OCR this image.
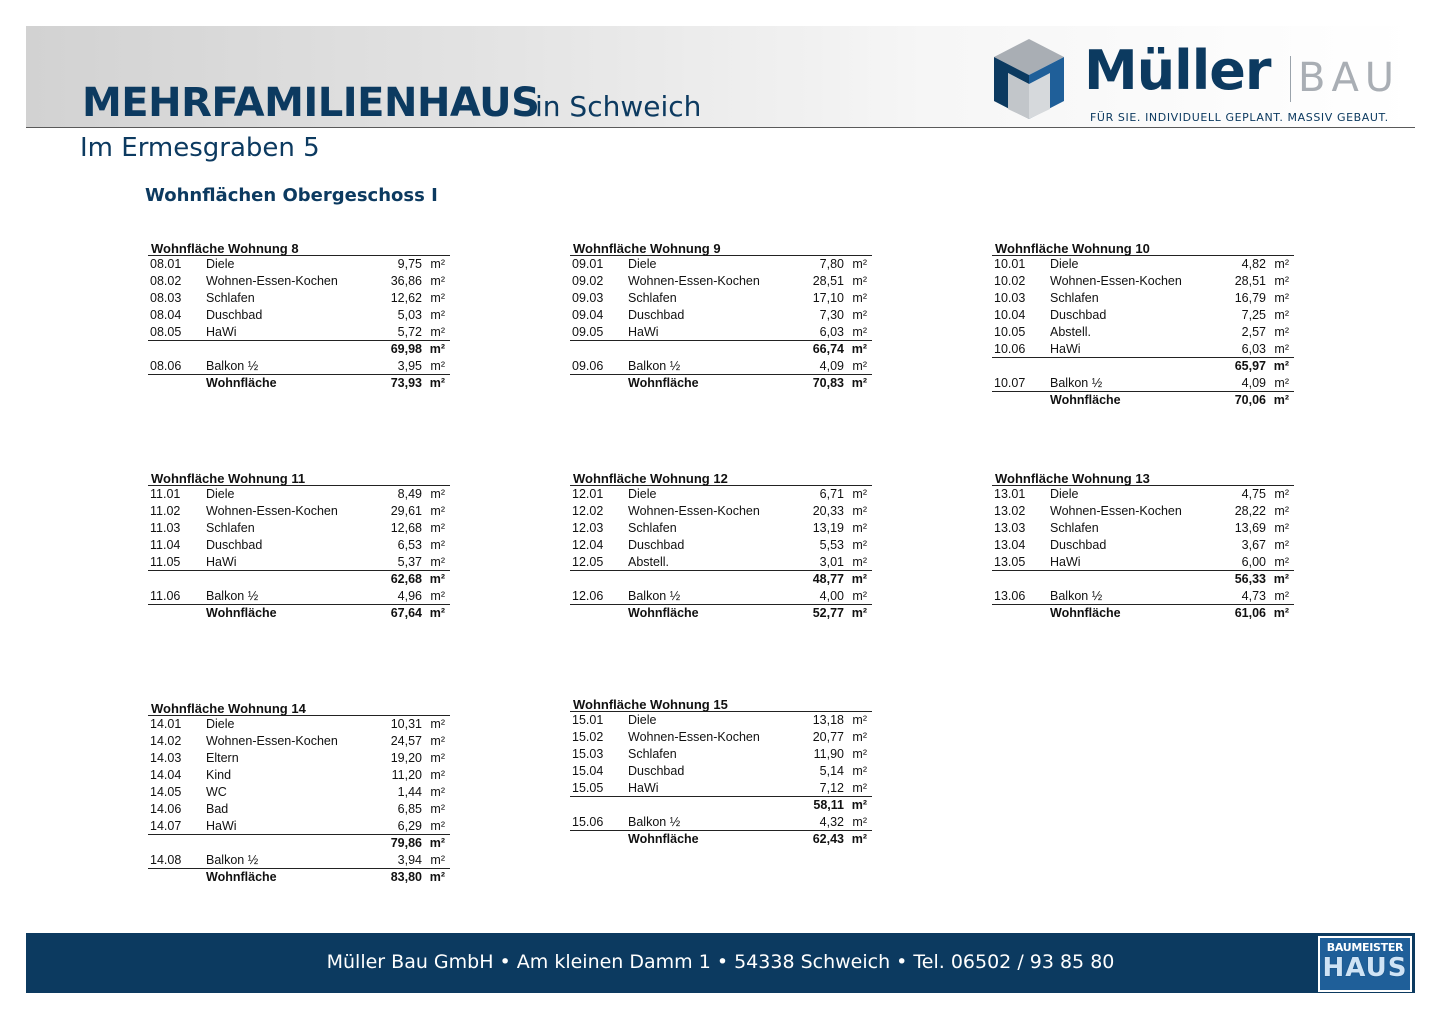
MEHRFAMILIENHAUS
in Schweich
Im Ermesgraben 5
Wohnflächen Obergeschoss I
Müller BAU
FÜR SIE. INDIVIDUELL GEPLANT. MASSIV GEBAUT.
Wohnfläche Wohnung 8
08.01 Diele	9,75 m²
08.02 Wohnen-Essen-Kochen	36,86 m²
08.03 Schlafen	12,62 m²
08.04 Duschbad	5,03 m²
08.05 HaWi	5,72 m²
69,98 m²
08.06 Balkon ½	3,95 m²
Wohnfläche	73,93 m²
Wohnfläche Wohnung 9
09.01 Diele	7,80 m²
09.02 Wohnen-Essen-Kochen	28,51 m²
09.03 Schlafen	17,10 m²
09.04 Duschbad	7,30 m²
09.05 HaWi	6,03 m²
66,74 m²
09.06 Balkon ½	4,09 m²
Wohnfläche	70,83 m²
Wohnfläche Wohnung 10
10.01 Diele	4,82 m²
10.02 Wohnen-Essen-Kochen	28,51 m²
10.03 Schlafen	16,79 m²
10.04 Duschbad	7,25 m²
10.05 Abstell.	2,57 m²
10.06 HaWi	6,03 m²
65,97 m²
10.07 Balkon ½	4,09 m²
Wohnfläche	70,06 m²
Wohnfläche Wohnung 11
11.01 Diele	8,49 m²
11.02 Wohnen-Essen-Kochen	29,61 m²
11.03 Schlafen	12,68 m²
11.04 Duschbad	6,53 m²
11.05 HaWi	5,37 m²
62,68 m²
11.06 Balkon ½	4,96 m²
Wohnfläche	67,64 m²
Wohnfläche Wohnung 12
12.01 Diele	6,71 m²
12.02 Wohnen-Essen-Kochen	20,33 m²
12.03 Schlafen	13,19 m²
12.04 Duschbad	5,53 m²
12.05 Abstell.	3,01 m²
48,77 m²
12.06 Balkon ½	4,00 m²
Wohnfläche	52,77 m²
Wohnfläche Wohnung 13
13.01 Diele	4,75 m²
13.02 Wohnen-Essen-Kochen	28,22 m²
13.03 Schlafen	13,69 m²
13.04 Duschbad	3,67 m²
13.05 HaWi	6,00 m²
56,33 m²
13.06 Balkon ½	4,73 m²
Wohnfläche	61,06 m²
Wohnfläche Wohnung 14
14.01 Diele	10,31 m²
14.02 Wohnen-Essen-Kochen	24,57 m²
14.03 Eltern	19,20 m²
14.04 Kind	11,20 m²
14.05 WC	1,44 m²
14.06 Bad	6,85 m²
14.07 HaWi	6,29 m²
79,86 m²
14.08 Balkon ½	3,94 m²
Wohnfläche	83,80 m²
Wohnfläche Wohnung 15
15.01 Diele	13,18 m²
15.02 Wohnen-Essen-Kochen	20,77 m²
15.03 Schlafen	11,90 m²
15.04 Duschbad	5,14 m²
15.05 HaWi	7,12 m²
58,11 m²
15.06 Balkon ½	4,32 m²
Wohnfläche	62,43 m²
Müller Bau GmbH • Am kleinen Damm 1 • 54338 Schweich • Tel. 06502 / 93 85 80
BAUMEISTER
HAUS
